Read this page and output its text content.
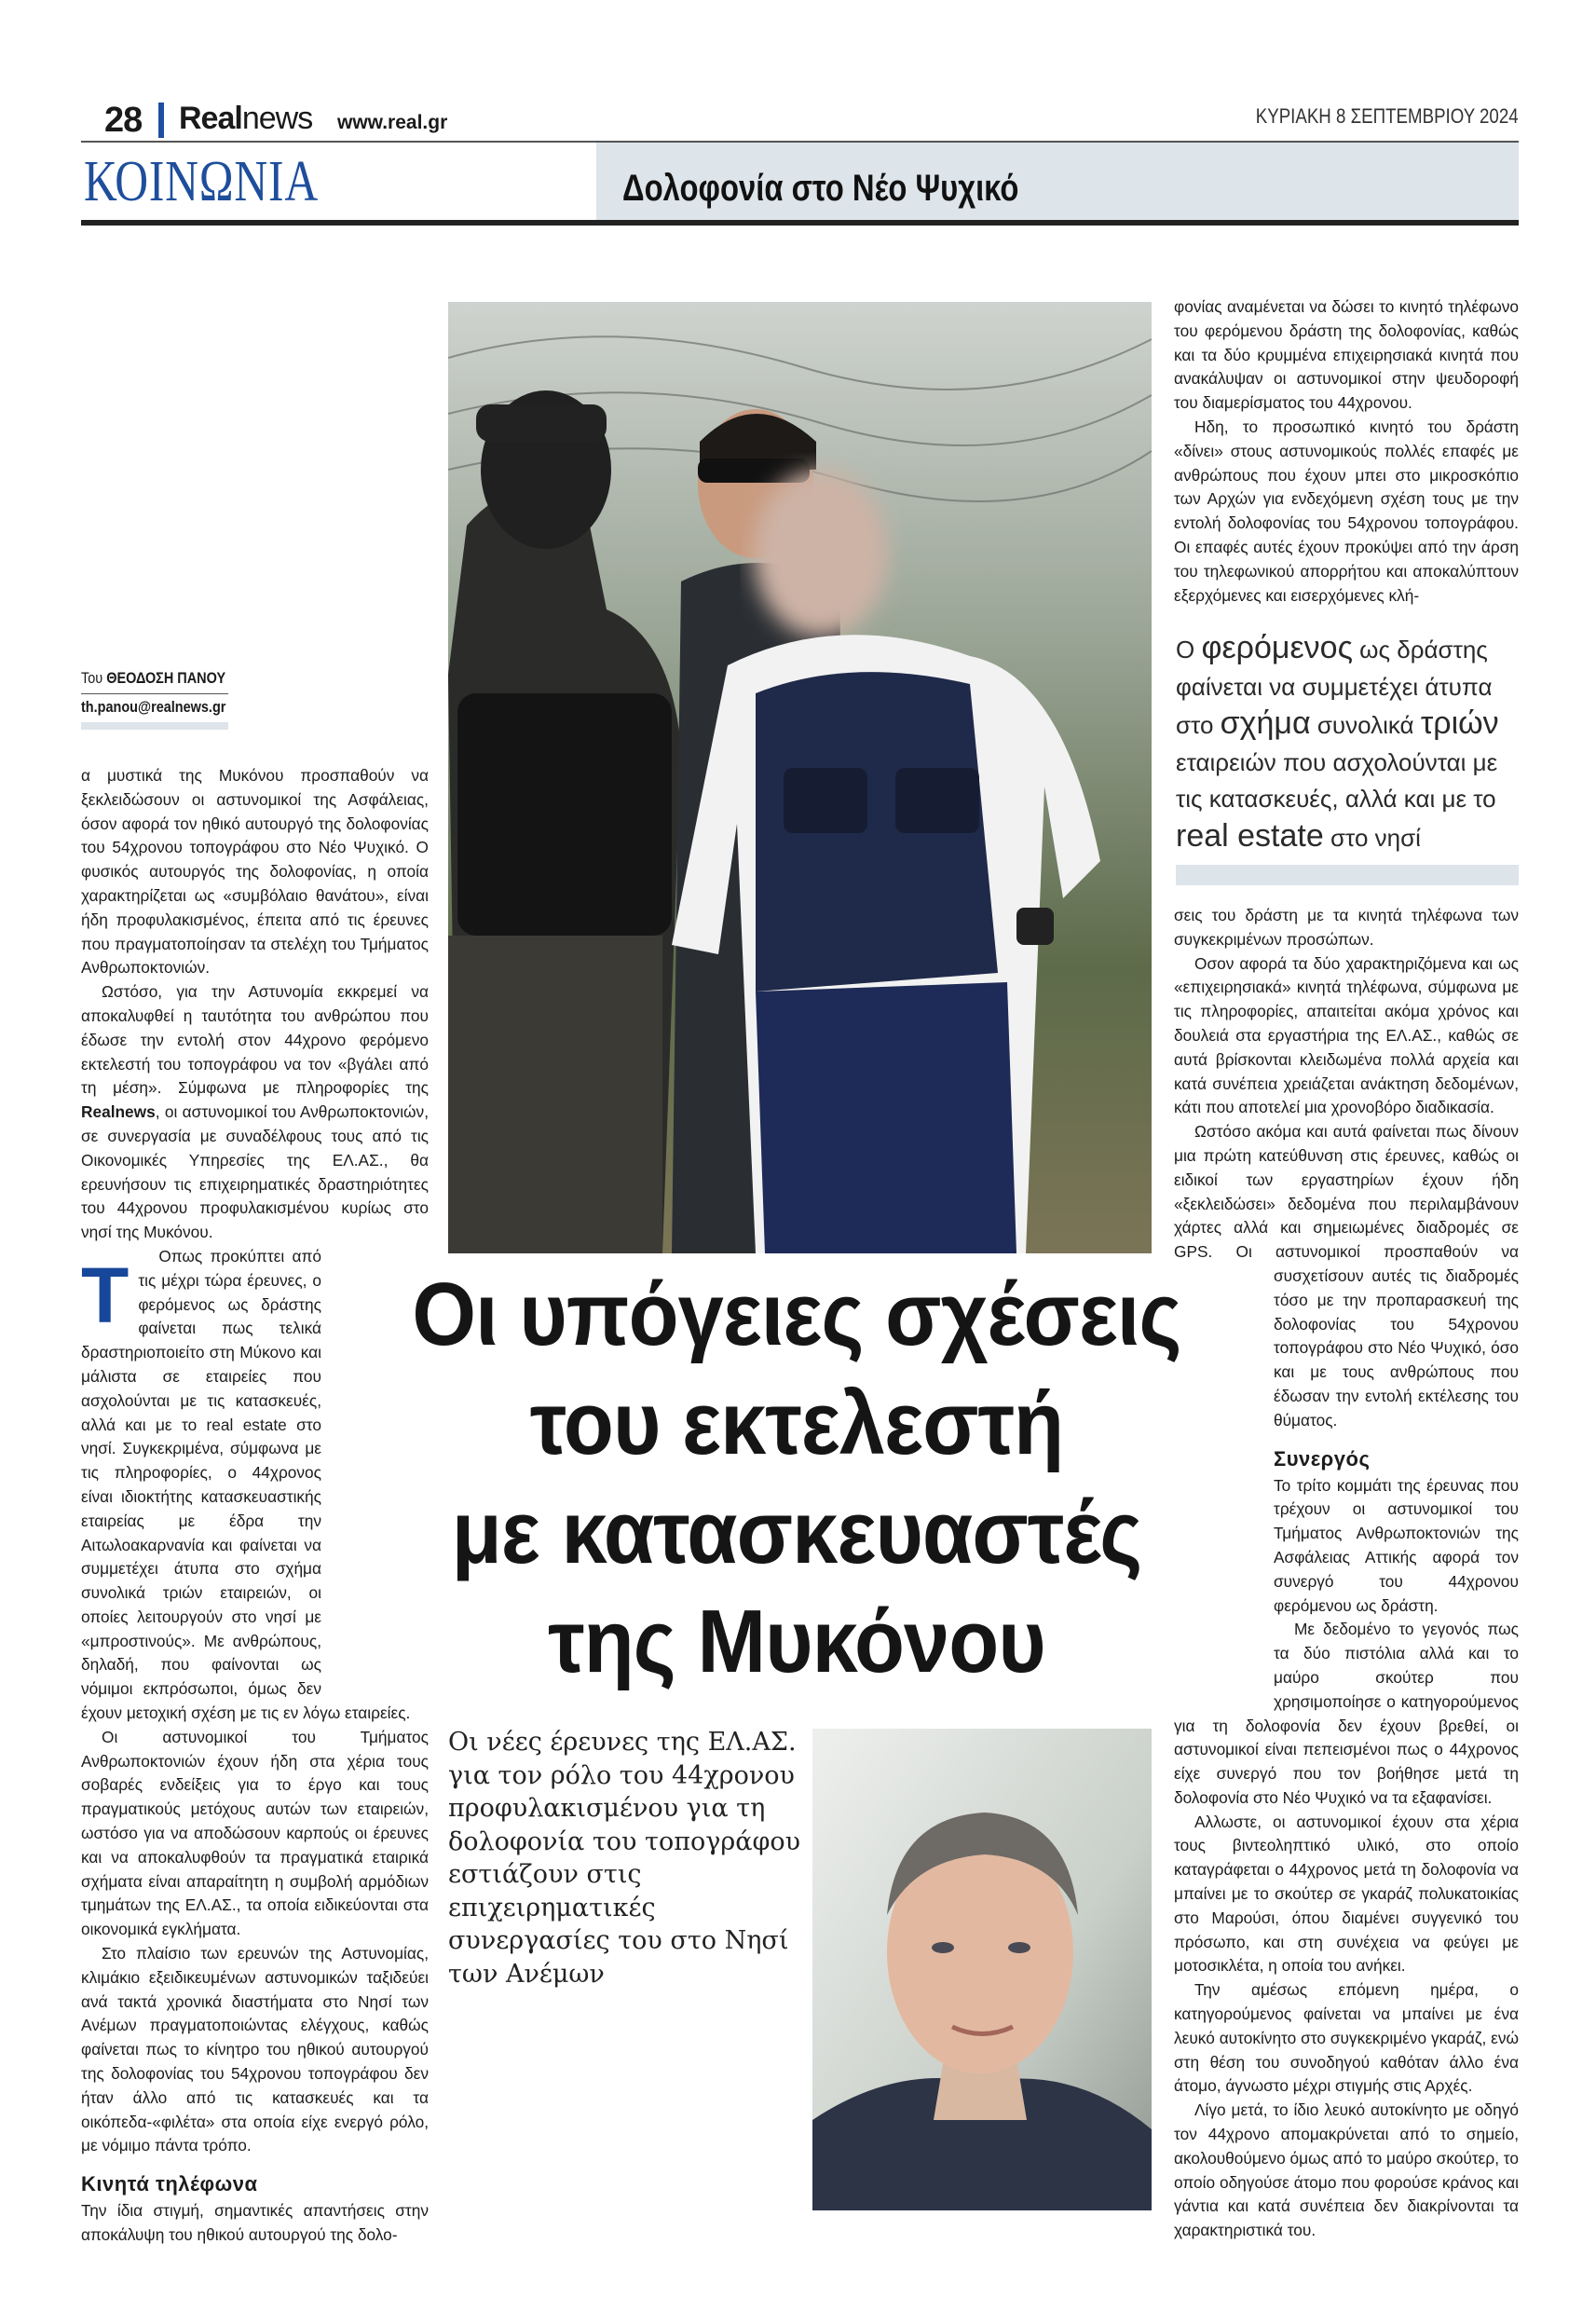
28 Realnews www.real.gr	ΚΥΡΙΑΚΗ 8 ΣΕΠΤΕΜΒΡΙΟΥ 2024
ΚΟΙΝΩΝΙΑ	Δολοφονία στο Νέο Ψυχικό
Του ΘΕΟΔΟΣΗ ΠΑΝΟΥ
th.panou@realnews.gr

Τ
α μυστικά της Μυκόνου προσπαθούν να ξεκλειδώσουν οι αστυνομικοί της Ασφάλειας, όσον αφορά τον ηθικό αυτουργό της δολοφονίας του 54χρονου τοπογράφου στο Νέο Ψυχικό. Ο φυσικός αυτουργός της δολοφονίας, η οποία χαρακτηρίζεται ως «συμβόλαιο θανάτου», είναι ήδη προφυλακισμένος, έπειτα από τις έρευνες που πραγματοποίησαν τα στελέχη του Τμήματος Ανθρωποκτονιών.

Ωστόσο, για την Αστυνομία εκκρεμεί να αποκαλυφθεί η ταυτότητα του ανθρώπου που έδωσε την εντολή στον 44χρονο φερόμενο εκτελεστή του τοπογράφου να τον «βγάλει από τη μέση». Σύμφωνα με πληροφορίες της Realnews, οι αστυνομικοί του Ανθρωποκτονιών, σε συνεργασία με συναδέλφους τους από τις Οικονομικές Υπηρεσίες της ΕΛ.ΑΣ., θα ερευνήσουν τις επιχειρηματικές δραστηριότητες του 44χρονου προφυλακισμένου κυρίως στο νησί της Μυκόνου.

Οπως προκύπτει από τις μέχρι τώρα έρευνες, ο φερόμενος ως δράστης φαίνεται πως τελικά δραστηριοποιείτο στη Μύκονο και μάλιστα σε εταιρείες που ασχολούνται με τις κατασκευές, αλλά και με το real estate στο νησί. Συγκεκριμένα, σύμφωνα με τις πληροφορίες, ο 44χρονος είναι ιδιοκτήτης κατασκευαστικής εταιρείας με έδρα την Αιτωλοακαρνανία και φαίνεται να συμμετέχει άτυπα στο σχήμα συνολικά τριών εταιρειών, οι οποίες λειτουργούν στο νησί με «μπροστινούς». Με ανθρώπους, δηλαδή, που φαίνονται ως νόμιμοι εκπρόσωποι, όμως δεν έχουν μετοχική σχέση με τις εν λόγω εταιρείες.

Οι αστυνομικοί του Τμήματος Ανθρωποκτονιών έχουν ήδη στα χέρια τους σοβαρές ενδείξεις για το έργο και τους πραγματικούς μετόχους αυτών των εταιρειών, ωστόσο για να αποδώσουν καρπούς οι έρευνες και να αποκαλυφθούν τα πραγματικά εταιρικά σχήματα είναι απαραίτητη η συμβολή αρμόδιων τμημάτων της ΕΛ.ΑΣ., τα οποία ειδικεύονται στα οικονομικά εγκλήματα.

Στο πλαίσιο των ερευνών της Αστυνομίας, κλιμάκιο εξειδικευμένων αστυνομικών ταξιδεύει ανά τακτά χρονικά διαστήματα στο Νησί των Ανέμων πραγματοποιώντας ελέγχους, καθώς φαίνεται πως το κίνητρο του ηθικού αυτουργού της δολοφονίας του 54χρονου τοπογράφου δεν ήταν άλλο από τις κατασκευές και τα οικόπεδα-«φιλέτα» στα οποία είχε ενεργό ρόλο, με νόμιμο πάντα τρόπο.

Κινητά τηλέφωνα

Την ίδια στιγμή, σημαντικές απαντήσεις στην αποκάλυψη του ηθικού αυτουργού της δολο-

Οι υπόγειες σχέσεις
του εκτελεστή
με κατασκευαστές
της Μυκόνου
Οι νέες έρευνες της ΕΛ.ΑΣ. για τον ρόλο του 44χρονου προφυλακισμένου για τη δολοφονία του τοπογράφου εστιάζουν στις επιχειρηματικές συνεργασίες του στο Νησί των Ανέμων

φονίας αναμένεται να δώσει το κινητό τηλέφωνο του φερόμενου δράστη της δολοφονίας, καθώς και τα δύο κρυμμένα επιχειρησιακά κινητά που ανακάλυψαν οι αστυνομικοί στην ψευδοροφή του διαμερίσματος του 44χρονου.

Ηδη, το προσωπικό κινητό του δράστη «δίνει» στους αστυνομικούς πολλές επαφές με ανθρώπους που έχουν μπει στο μικροσκόπιο των Αρχών για ενδεχόμενη σχέση τους με την εντολή δολοφονίας του 54χρονου τοπογράφου. Οι επαφές αυτές έχουν προκύψει από την άρση του τηλεφωνικού απορρήτου και αποκαλύπτουν εξερχόμενες και εισερχόμενες κλή-

Ο φερόμενος ως δράστης φαίνεται να συμμετέχει άτυπα στο σχήμα συνολικά τριών εταιρειών που ασχολούνται με τις κατασκευές, αλλά και με το real estate στο νησί

σεις του δράστη με τα κινητά τηλέφωνα των συγκεκριμένων προσώπων.

Οσον αφορά τα δύο χαρακτηριζόμενα και ως «επιχειρησιακά» κινητά τηλέφωνα, σύμφωνα με τις πληροφορίες, απαιτείται ακόμα χρόνος και δουλειά στα εργαστήρια της ΕΛ.ΑΣ., καθώς σε αυτά βρίσκονται κλειδωμένα πολλά αρχεία και κατά συνέπεια χρειάζεται ανάκτηση δεδομένων, κάτι που αποτελεί μια χρονοβόρο διαδικασία.

Ωστόσο ακόμα και αυτά φαίνεται πως δίνουν μια πρώτη κατεύθυνση στις έρευνες, καθώς οι ειδικοί των εργαστηρίων έχουν ήδη «ξεκλειδώσει» δεδομένα που περιλαμβάνουν χάρτες αλλά και σημειωμένες διαδρομές σε GPS. Οι αστυνομικοί προσπαθούν να συσχετίσουν αυτές τις διαδρομές τόσο με την προπαρασκευή της δολοφονίας του 54χρονου τοπογράφου στο Νέο Ψυχικό, όσο και με τους ανθρώπους που έδωσαν την εντολή εκτέλεσης του θύματος.

Συνεργός

Το τρίτο κομμάτι της έρευνας που τρέχουν οι αστυνομικοί του Τμήματος Ανθρωποκτονιών της Ασφάλειας Αττικής αφορά τον συνεργό του 44χρονου φερόμενου ως δράστη.

Με δεδομένο το γεγονός πως τα δύο πιστόλια αλλά και το μαύρο σκούτερ που χρησιμοποίησε ο κατηγορούμενος για τη δολοφονία δεν έχουν βρεθεί, οι αστυνομικοί είναι πεπεισμένοι πως ο 44χρονος είχε συνεργό που τον βοήθησε μετά τη δολοφονία στο Νέο Ψυχικό να τα εξαφανίσει.

Αλλωστε, οι αστυνομικοί έχουν στα χέρια τους βιντεοληπτικό υλικό, στο οποίο καταγράφεται ο 44χρονος μετά τη δολοφονία να μπαίνει με το σκούτερ σε γκαράζ πολυκατοικίας στο Μαρούσι, όπου διαμένει συγγενικό του πρόσωπο, και στη συνέχεια να φεύγει με μοτοσικλέτα, η οποία του ανήκει.

Την αμέσως επόμενη ημέρα, ο κατηγορούμενος φαίνεται να μπαίνει με ένα λευκό αυτοκίνητο στο συγκεκριμένο γκαράζ, ενώ στη θέση του συνοδηγού καθόταν άλλο ένα άτομο, άγνωστο μέχρι στιγμής στις Αρχές.

Λίγο μετά, το ίδιο λευκό αυτοκίνητο με οδηγό τον 44χρονο απομακρύνεται από το σημείο, ακολουθούμενο όμως από το μαύρο σκούτερ, το οποίο οδηγούσε άτομο που φορούσε κράνος και γάντια και κατά συνέπεια δεν διακρίνονται τα χαρακτηριστικά του.
